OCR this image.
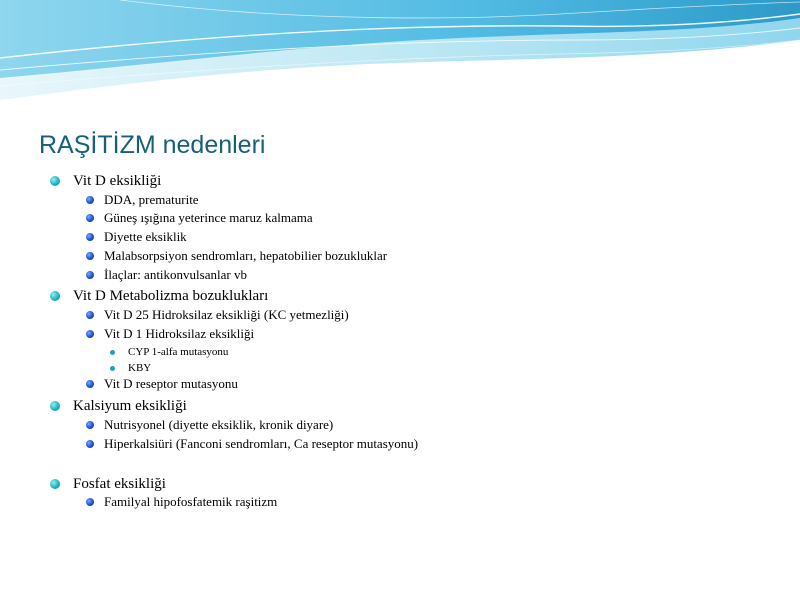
RAŞİTİZM nedenleri
Vit D eksikliği
DDA, prematurite
Güneş ışığına yeterince maruz kalmama
Diyette eksiklik
Malabsorpsiyon sendromları, hepatobilier bozukluklar
İlaçlar: antikonvulsanlar vb
Vit D Metabolizma bozuklukları
Vit D 25 Hidroksilaz eksikliği (KC yetmezliği)
Vit D 1 Hidroksilaz eksikliği
CYP 1-alfa mutasyonu
KBY
Vit D reseptor mutasyonu
Kalsiyum eksikliği
Nutrisyonel (diyette eksiklik, kronik diyare)
Hiperkalsiüri (Fanconi sendromları, Ca reseptor mutasyonu)
Fosfat eksikliği
Familyal hipofosfatemik raşitizm
